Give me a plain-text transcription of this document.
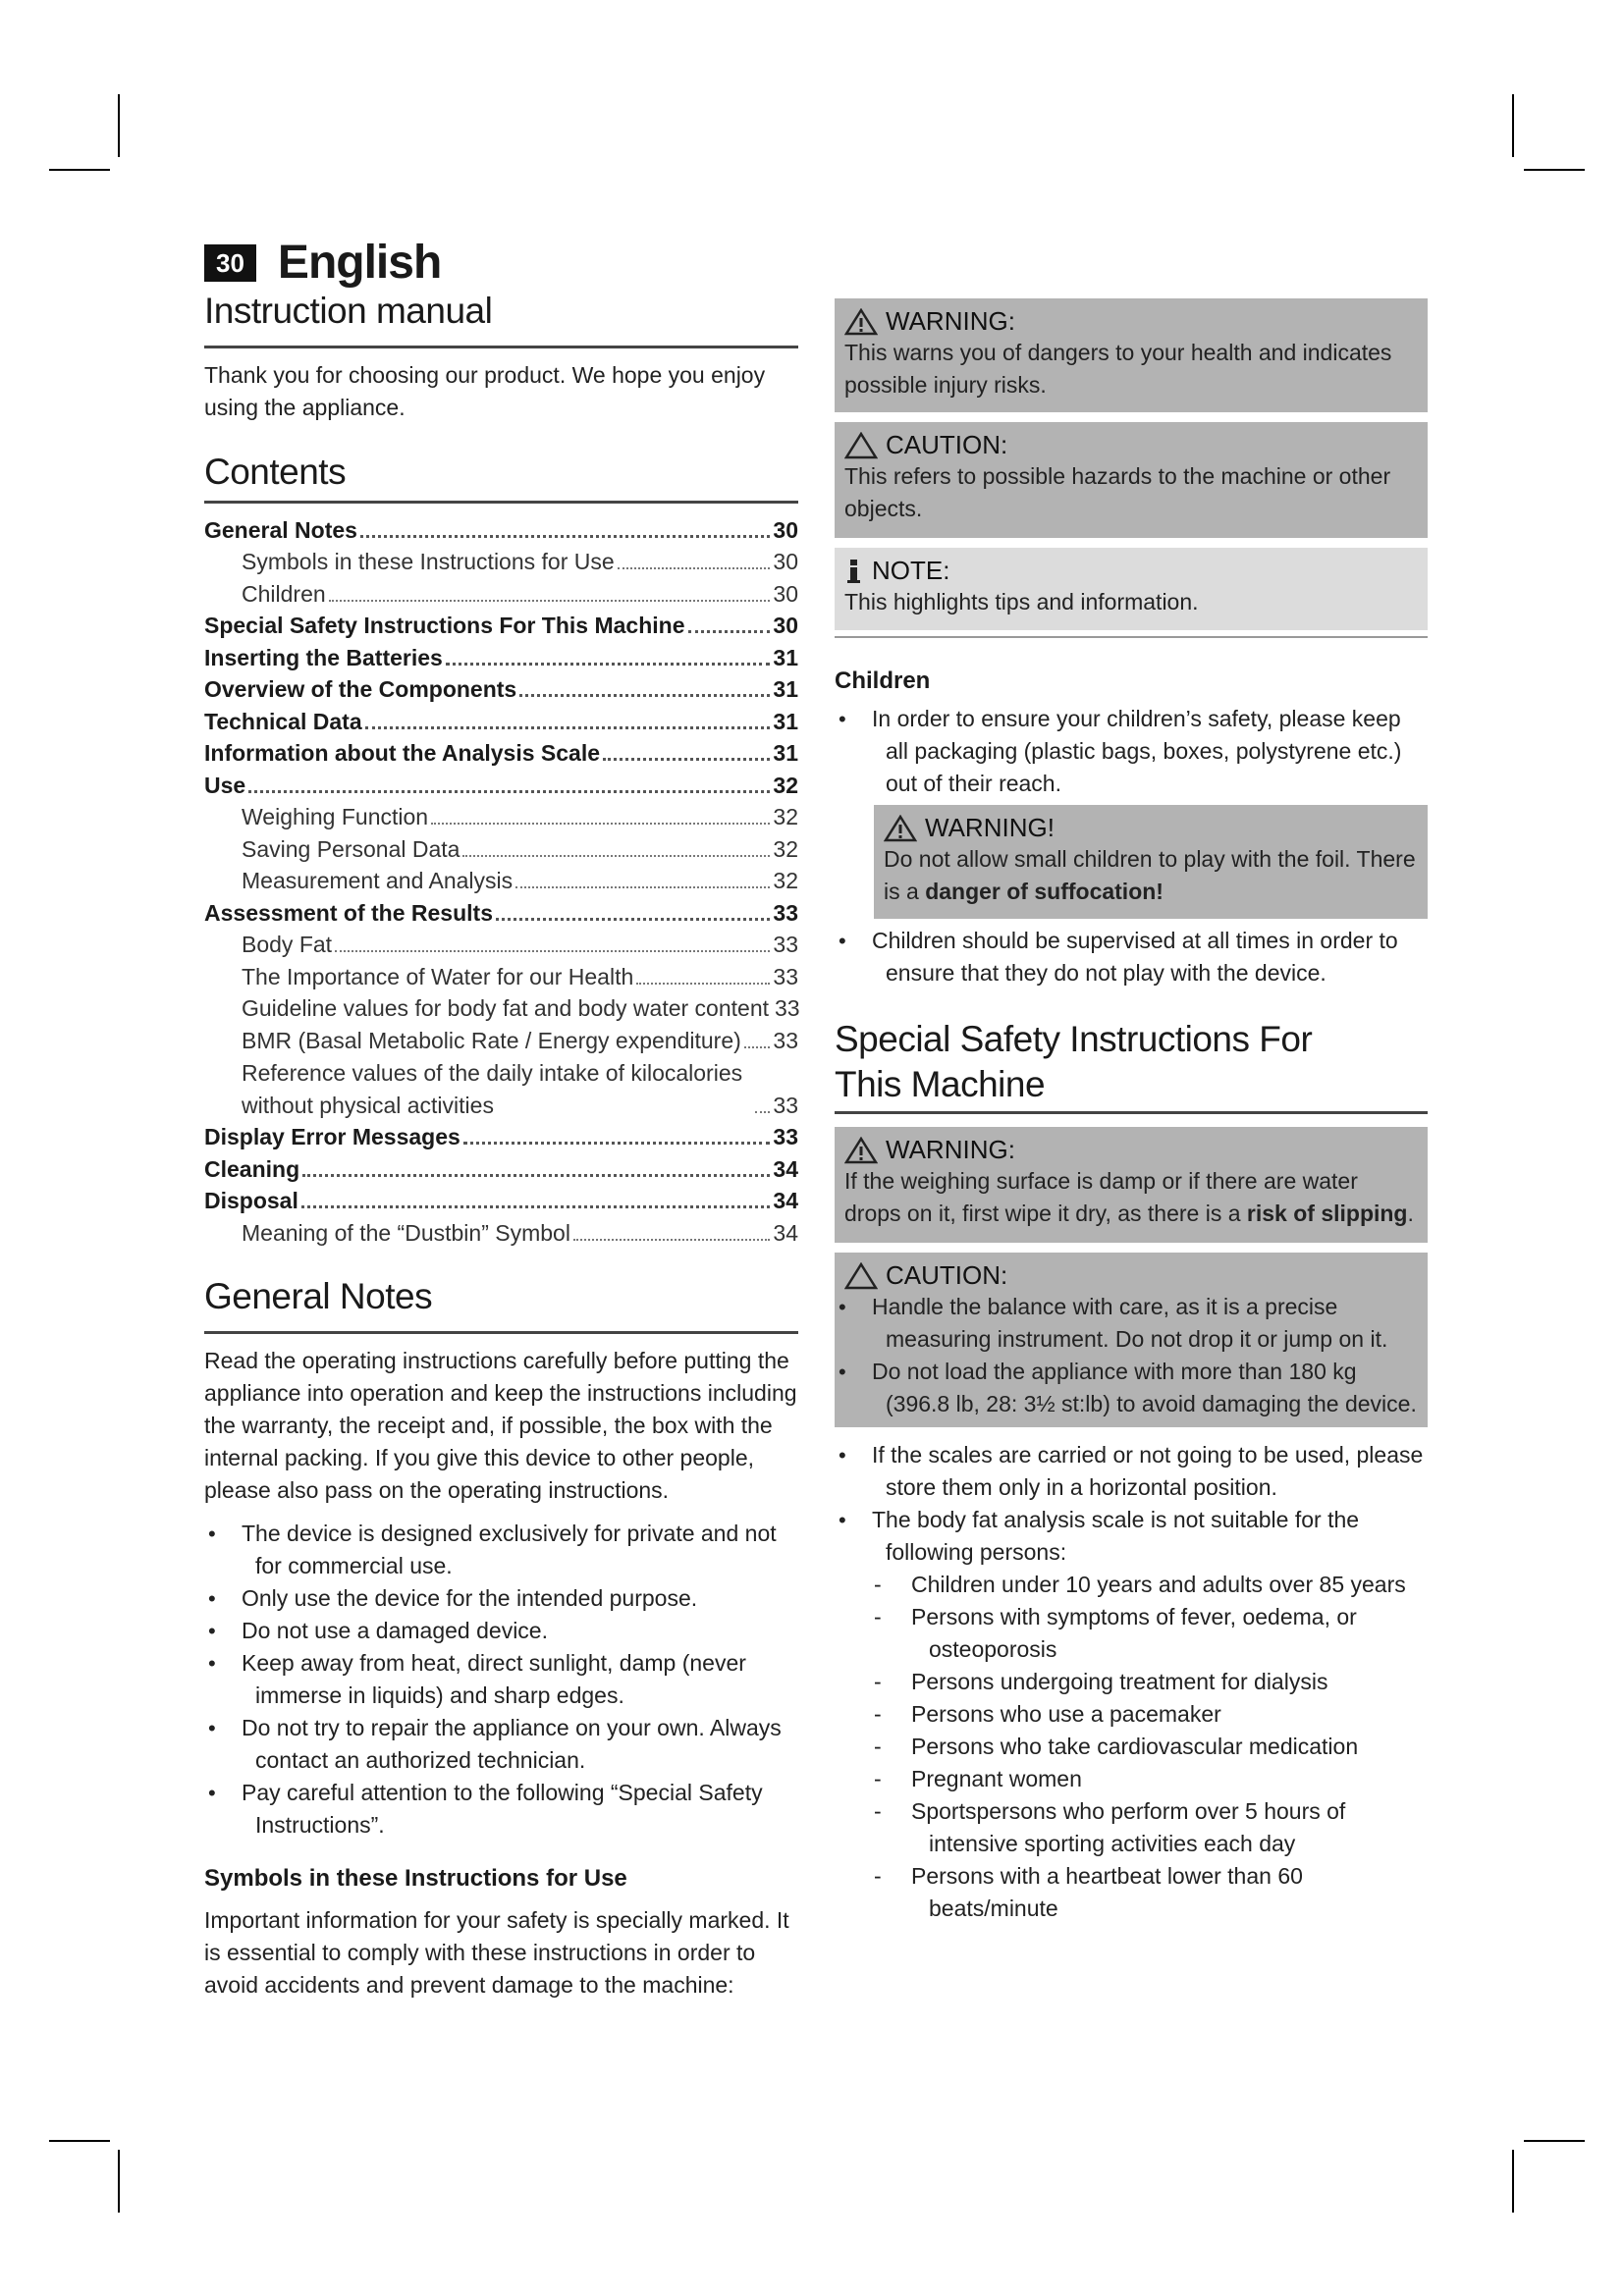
30 English
Instruction manual

Thank you for choosing our product. We hope you enjoy using the appliance.

Contents
General Notes	30
Symbols in these Instructions for Use	30
Children	30
Special Safety Instructions For This Machine	30
Inserting the Batteries	31
Overview of the Components	31
Technical Data	31
Information about the Analysis Scale	31
Use	32
Weighing Function	32
Saving Personal Data	32
Measurement and Analysis	32
Assessment of the Results	33
Body Fat	33
The Importance of Water for our Health	33
Guideline values for body fat and body water content 33
BMR (Basal Metabolic Rate / Energy expenditure) 33
Reference values of the daily intake of kilocalories without physical activities	33
Display Error Messages	33
Cleaning	34
Disposal	34
Meaning of the “Dustbin” Symbol	34
General Notes

Read the operating instructions carefully before putting the appliance into operation and keep the instructions including the warranty, the receipt and, if possible, the box with the internal packing. If you give this device to other people, please also pass on the operating instructions.

• The device is designed exclusively for private and not for commercial use.
• Only use the device for the intended purpose.
• Do not use a damaged device.
• Keep away from heat, direct sunlight, damp (never immerse in liquids) and sharp edges.
• Do not try to repair the appliance on your own. Always contact an authorized technician.
• Pay careful attention to the following “Special Safety Instructions”.
Symbols in these Instructions for Use

Important information for your safety is specially marked. It is essential to comply with these instructions in order to avoid accidents and prevent damage to the machine:

WARNING:

This warns you of dangers to your health and indicates possible injury risks.

CAUTION:

This refers to possible hazards to the machine or other objects.

NOTE:

This highlights tips and information.

Children
• In order to ensure your children’s safety, please keep all packaging (plastic bags, boxes, polystyrene etc.) out of their reach.
WARNING!

Do not allow small children to play with the foil. There is a danger of suffocation!

• Children should be supervised at all times in order to ensure that they do not play with the device.
Special Safety Instructions For
This Machine
WARNING:

If the weighing surface is damp or if there are water drops on it, first wipe it dry, as there is a risk of slipping.

CAUTION:
• Handle the balance with care, as it is a precise measuring instrument. Do not drop it or jump on it.
• Do not load the appliance with more than 180 kg (396.8 lb, 28: 3½ st:lb) to avoid damaging the device.
• If the scales are carried or not going to be used, please store them only in a horizontal position.
• The body fat analysis scale is not suitable for the following persons:
- Children under 10 years and adults over 85 years
- Persons with symptoms of fever, oedema, or osteoporosis
- Persons undergoing treatment for dialysis
- Persons who use a pacemaker
- Persons who take cardiovascular medication
- Pregnant women
- Sportspersons who perform over 5 hours of intensive sporting activities each day
- Persons with a heartbeat lower than 60 beats/minute
